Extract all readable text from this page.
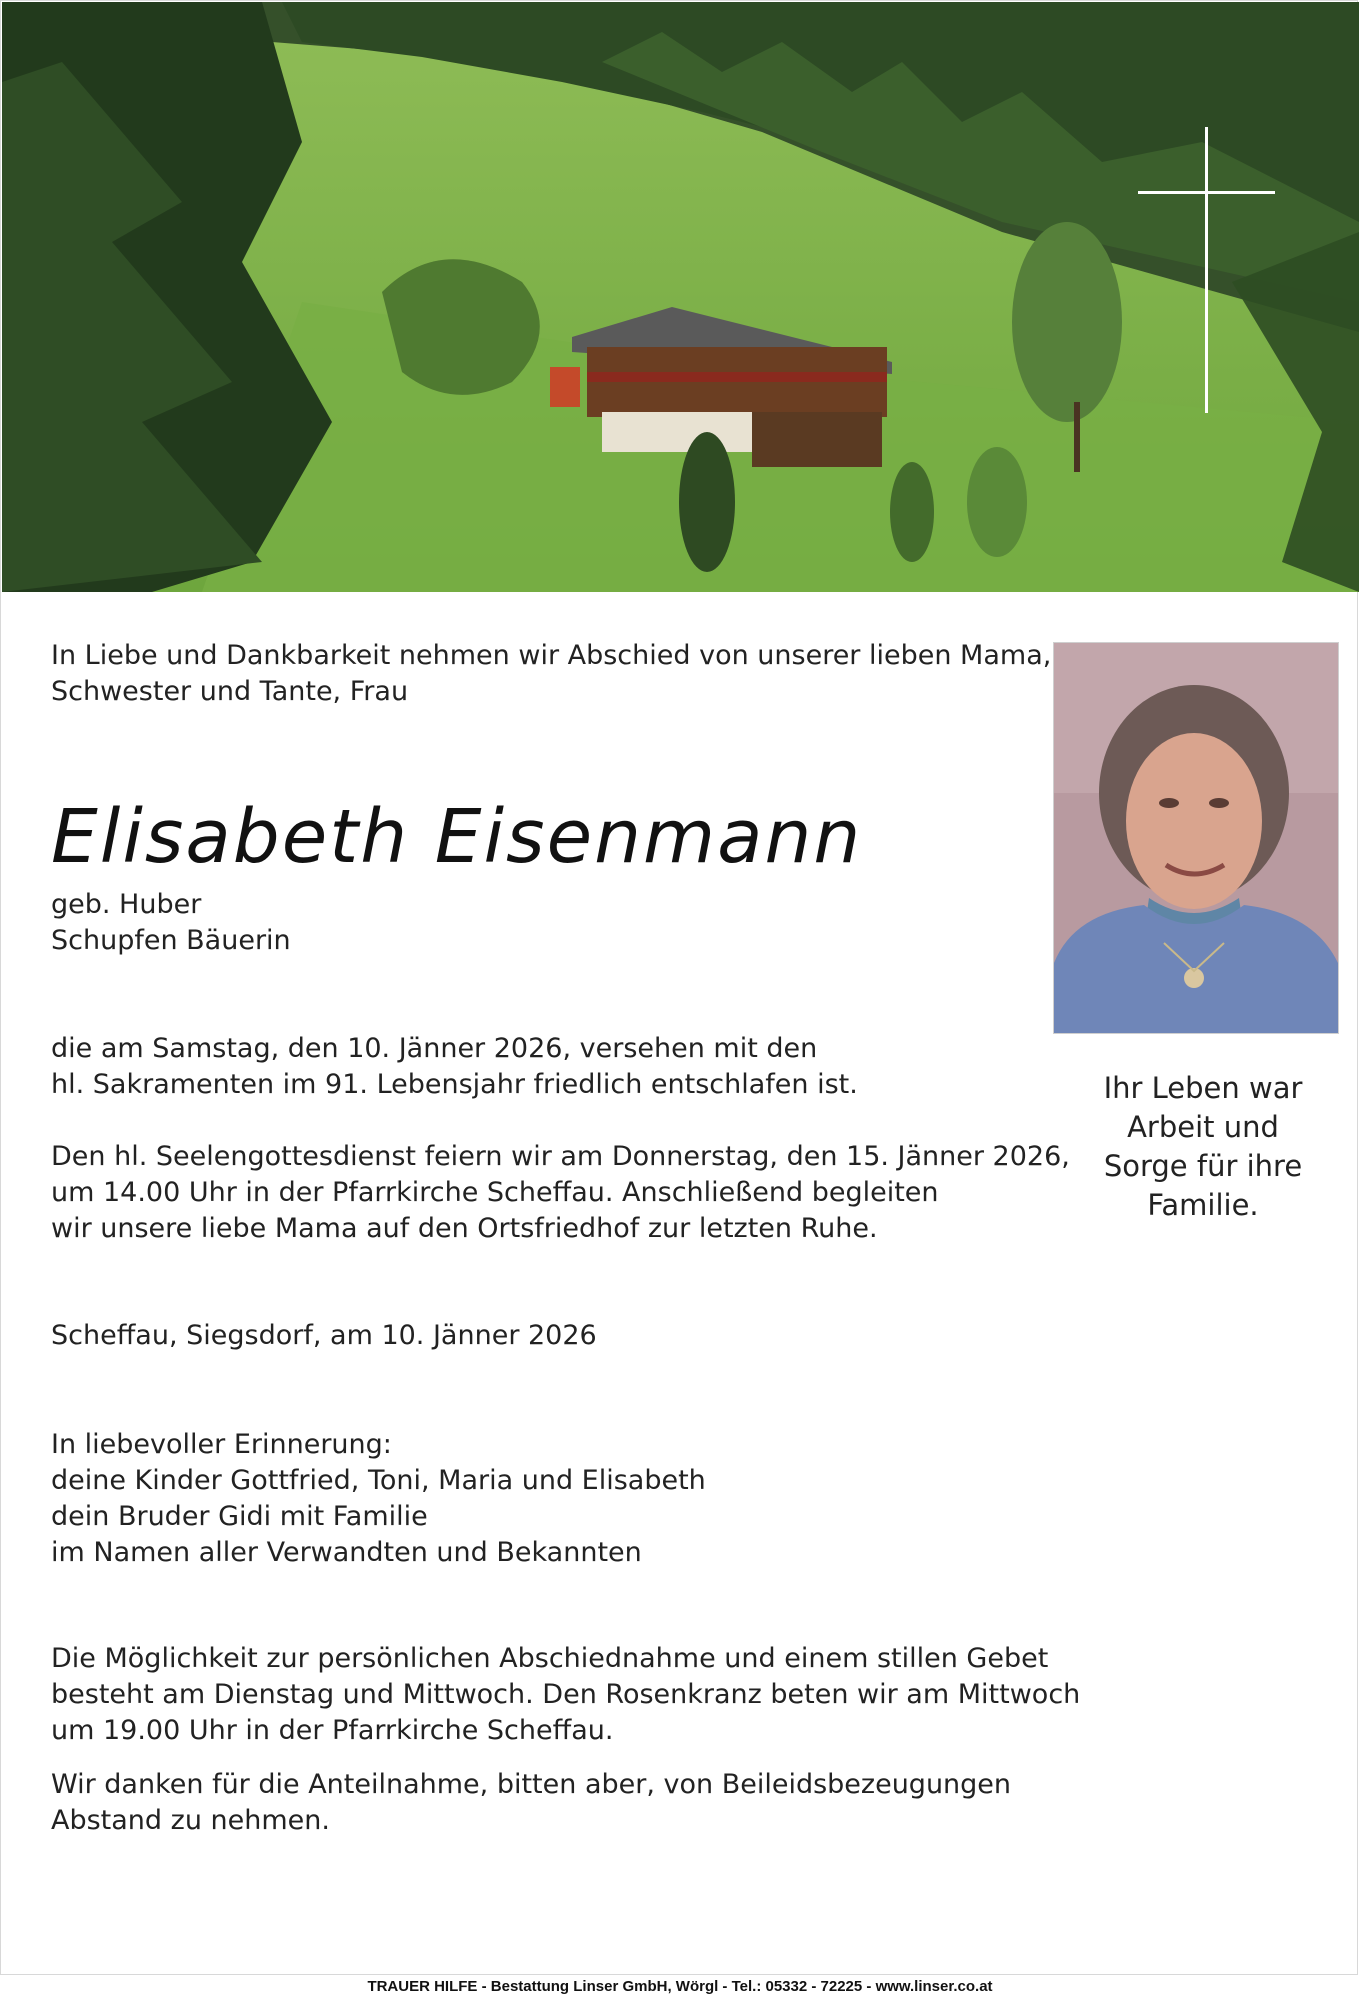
In Liebe und Dankbarkeit nehmen wir Abschied von unserer lieben Mama,
Schwester und Tante, Frau
Elisabeth Eisenmann
geb. Huber
Schupfen Bäuerin
die am Samstag, den 10. Jänner 2026, versehen mit den
hl. Sakramenten im 91. Lebensjahr friedlich entschlafen ist.
Den hl. Seelengottesdienst feiern wir am Donnerstag, den 15. Jänner 2026,
um 14.00 Uhr in der Pfarrkirche Scheffau. Anschließend begleiten
wir unsere liebe Mama auf den Ortsfriedhof zur letzten Ruhe.
Scheffau, Siegsdorf, am 10. Jänner 2026
In liebevoller Erinnerung:
deine Kinder Gottfried, Toni, Maria und Elisabeth
dein Bruder Gidi mit Familie
im Namen aller Verwandten und Bekannten
Die Möglichkeit zur persönlichen Abschiednahme und einem stillen Gebet
besteht am Dienstag und Mittwoch. Den Rosenkranz beten wir am Mittwoch
um 19.00 Uhr in der Pfarrkirche Scheffau.
Wir danken für die Anteilnahme, bitten aber, von Beileidsbezeugungen
Abstand zu nehmen.
Ihr Leben war
Arbeit und
Sorge für ihre
Familie.
TRAUER HILFE - Bestattung Linser GmbH, Wörgl - Tel.: 05332 - 72225 - www.linser.co.at
